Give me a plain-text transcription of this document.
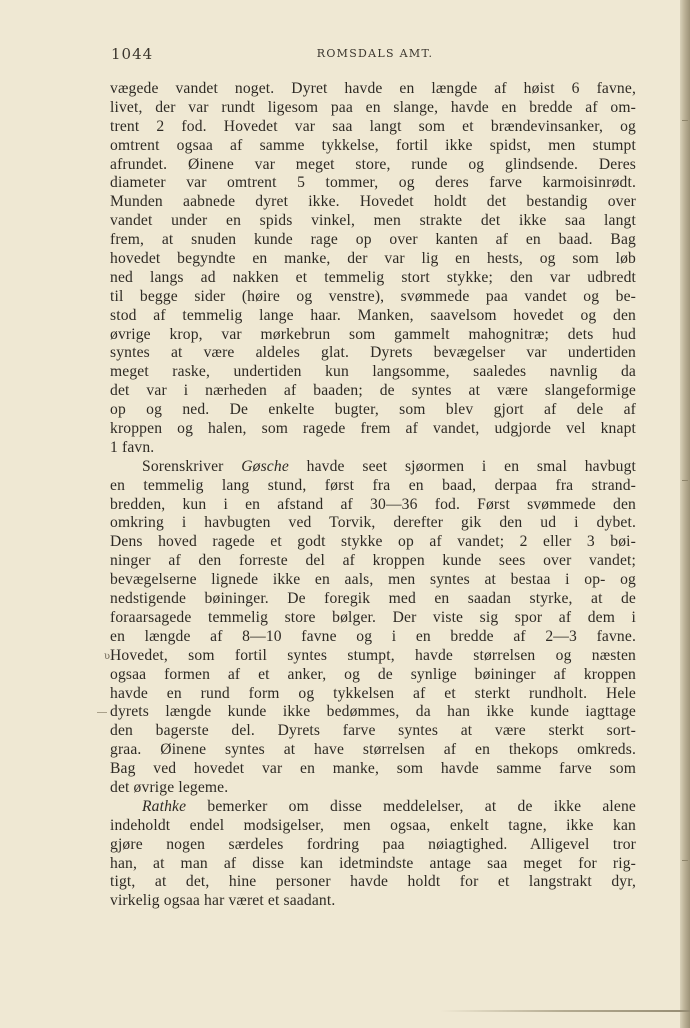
1044	ROMSDALS AMT.
vægede vandet noget. Dyret havde en længde af høist 6 favne,
livet, der var rundt ligesom paa en slange, havde en bredde af om-
trent 2 fod. Hovedet var saa langt som et brændevinsanker, og
omtrent ogsaa af samme tykkelse, fortil ikke spidst, men stumpt
afrundet. Øinene var meget store, runde og glindsende. Deres
diameter var omtrent 5 tommer, og deres farve karmoisinrødt.
Munden aabnede dyret ikke. Hovedet holdt det bestandig over
vandet under en spids vinkel, men strakte det ikke saa langt
frem, at snuden kunde rage op over kanten af en baad. Bag
hovedet begyndte en manke, der var lig en hests, og som løb
ned langs ad nakken et temmelig stort stykke; den var udbredt
til begge sider (høire og venstre), svømmede paa vandet og be-
stod af temmelig lange haar. Manken, saavelsom hovedet og den
øvrige krop, var mørkebrun som gammelt mahognitræ; dets hud
syntes at være aldeles glat. Dyrets bevægelser var undertiden
meget raske, undertiden kun langsomme, saaledes navnlig da
det var i nærheden af baaden; de syntes at være slangeformige
op og ned. De enkelte bugter, som blev gjort af dele af
kroppen og halen, som ragede frem af vandet, udgjorde vel knapt
1 favn.
Sorenskriver Gøsche havde seet sjøormen i en smal havbugt
en temmelig lang stund, først fra en baad, derpaa fra strand-
bredden, kun i en afstand af 30—36 fod. Først svømmede den
omkring i havbugten ved Torvik, derefter gik den ud i dybet.
Dens hoved ragede et godt stykke op af vandet; 2 eller 3 bøi-
ninger af den forreste del af kroppen kunde sees over vandet;
bevægelserne lignede ikke en aals, men syntes at bestaa i op- og
nedstigende bøininger. De foregik med en saadan styrke, at de
foraarsagede temmelig store bølger. Der viste sig spor af dem i
en længde af 8—10 favne og i en bredde af 2—3 favne.
Hovedet, som fortil syntes stumpt, havde størrelsen og næsten
ogsaa formen af et anker, og de synlige bøininger af kroppen
havde en rund form og tykkelsen af et sterkt rundholt. Hele
dyrets længde kunde ikke bedømmes, da han ikke kunde iagttage
den bagerste del. Dyrets farve syntes at være sterkt sort-
graa. Øinene syntes at have størrelsen af en thekops omkreds.
Bag ved hovedet var en manke, som havde samme farve som
det øvrige legeme.
Rathke bemerker om disse meddelelser, at de ikke alene
indeholdt endel modsigelser, men ogsaa, enkelt tagne, ikke kan
gjøre nogen særdeles fordring paa nøiagtighed. Alligevel tror
han, at man af disse kan idetmindste antage saa meget for rig-
tigt, at det, hine personer havde holdt for et langstrakt dyr,
virkelig ogsaa har været et saadant.
ʋ
